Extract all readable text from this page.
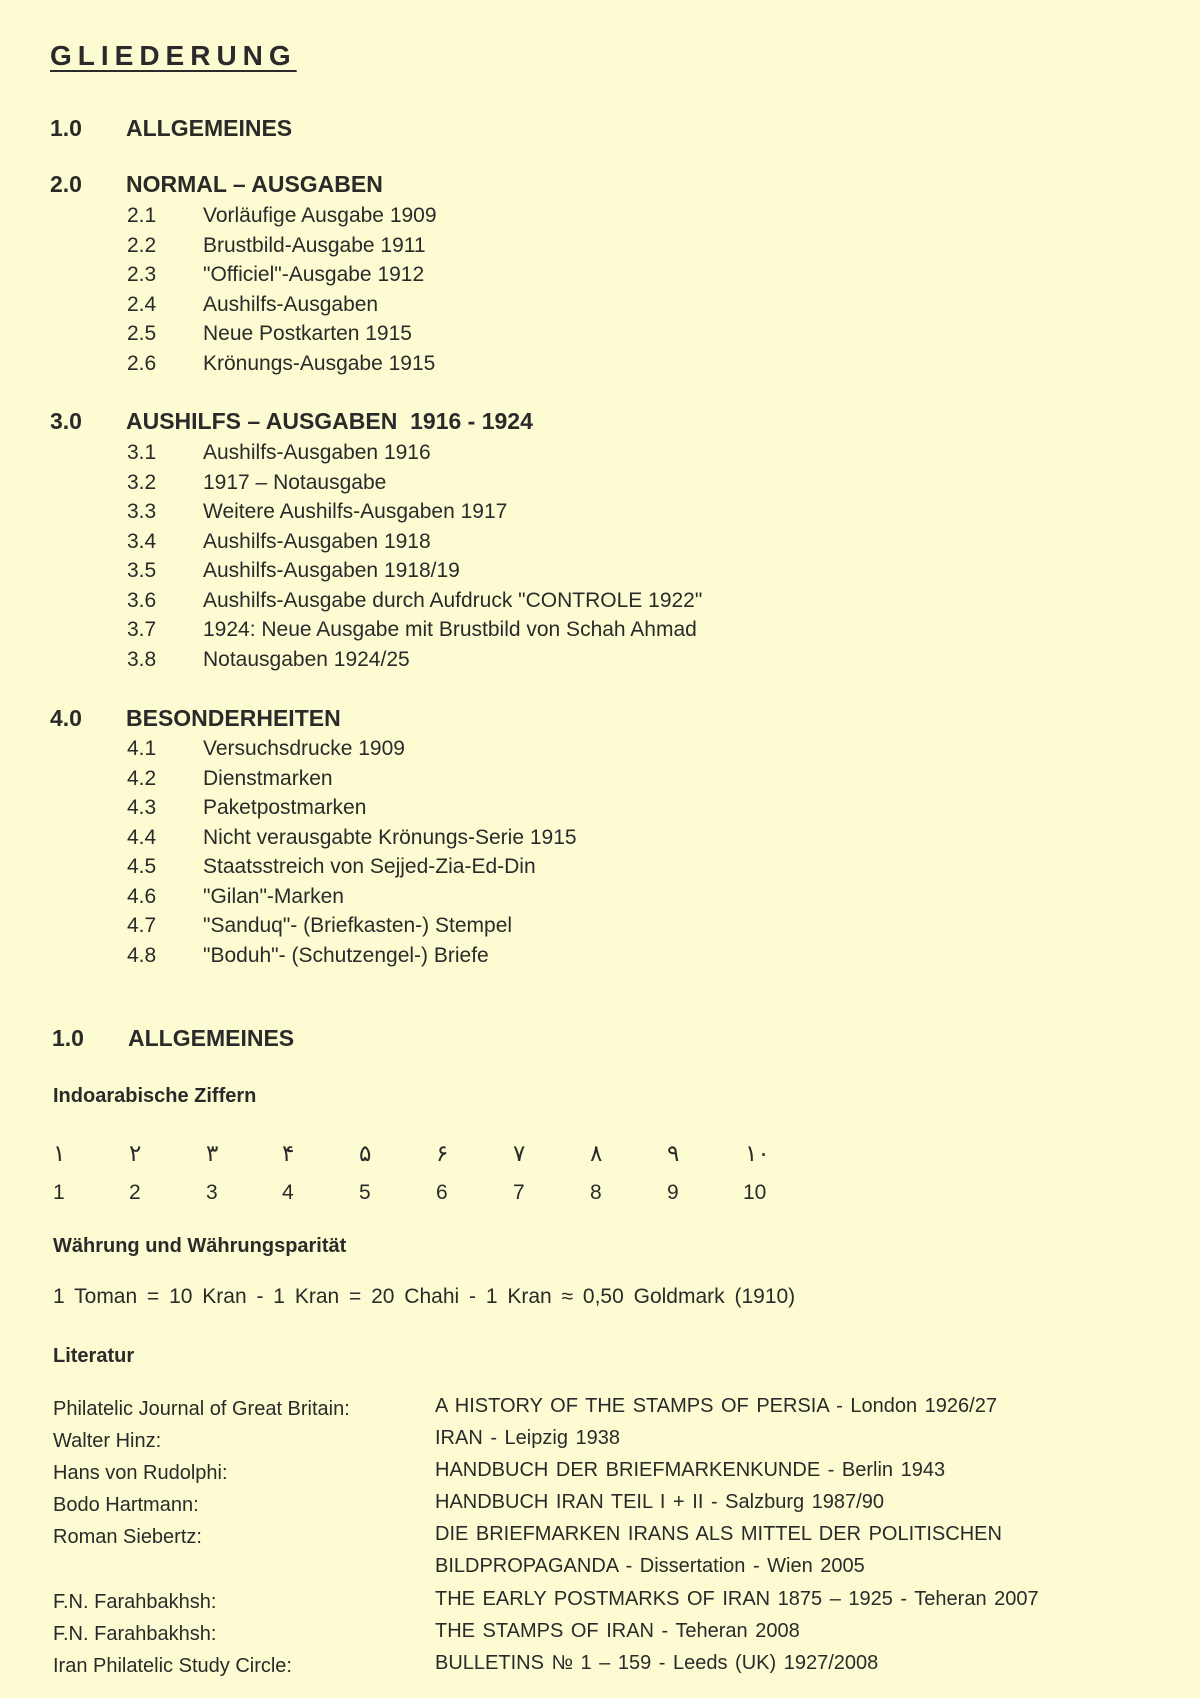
GLIEDERUNG
1.0 ALLGEMEINES
2.0 NORMAL – AUSGABEN
2.1 Vorläufige Ausgabe 1909
2.2 Brustbild-Ausgabe 1911
2.3 "Officiel"-Ausgabe 1912
2.4 Aushilfs-Ausgaben
2.5 Neue Postkarten 1915
2.6 Krönungs-Ausgabe 1915
3.0 AUSHILFS – AUSGABEN  1916 - 1924
3.1 Aushilfs-Ausgaben 1916
3.2 1917 – Notausgabe
3.3 Weitere Aushilfs-Ausgaben 1917
3.4 Aushilfs-Ausgaben 1918
3.5 Aushilfs-Ausgaben 1918/19
3.6 Aushilfs-Ausgabe durch Aufdruck "CONTROLE 1922"
3.7 1924: Neue Ausgabe mit Brustbild von Schah Ahmad
3.8 Notausgaben 1924/25
4.0 BESONDERHEITEN
4.1 Versuchsdrucke 1909
4.2 Dienstmarken
4.3 Paketpostmarken
4.4 Nicht verausgabte Krönungs-Serie 1915
4.5 Staatsstreich von Sejjed-Zia-Ed-Din
4.6 "Gilan"-Marken
4.7 "Sanduq"- (Briefkasten-) Stempel
4.8 "Boduh"- (Schutzengel-) Briefe
1.0 ALLGEMEINES
Indoarabische Ziffern
١	٢	٣	۴	۵	۶	٧	٨	٩	١٠
1	2	3	4	5	6	7	8	9	10
Währung und Währungsparität
1 Toman = 10 Kran - 1 Kran = 20 Chahi - 1 Kran ≈ 0,50 Goldmark (1910)
Literatur
Philatelic Journal of Great Britain:	A HISTORY OF THE STAMPS OF PERSIA - London 1926/27
Walter Hinz:	IRAN - Leipzig 1938
Hans von Rudolphi:	HANDBUCH DER BRIEFMARKENKUNDE - Berlin 1943
Bodo Hartmann:	HANDBUCH IRAN TEIL I + II - Salzburg 1987/90
Roman Siebertz:	DIE BRIEFMARKEN IRANS ALS MITTEL DER POLITISCHEN
BILDPROPAGANDA - Dissertation - Wien 2005
F.N. Farahbakhsh:	THE EARLY POSTMARKS OF IRAN 1875 – 1925 - Teheran 2007
F.N. Farahbakhsh:	THE STAMPS OF IRAN - Teheran 2008
Iran Philatelic Study Circle:	BULLETINS № 1 – 159 - Leeds (UK) 1927/2008
